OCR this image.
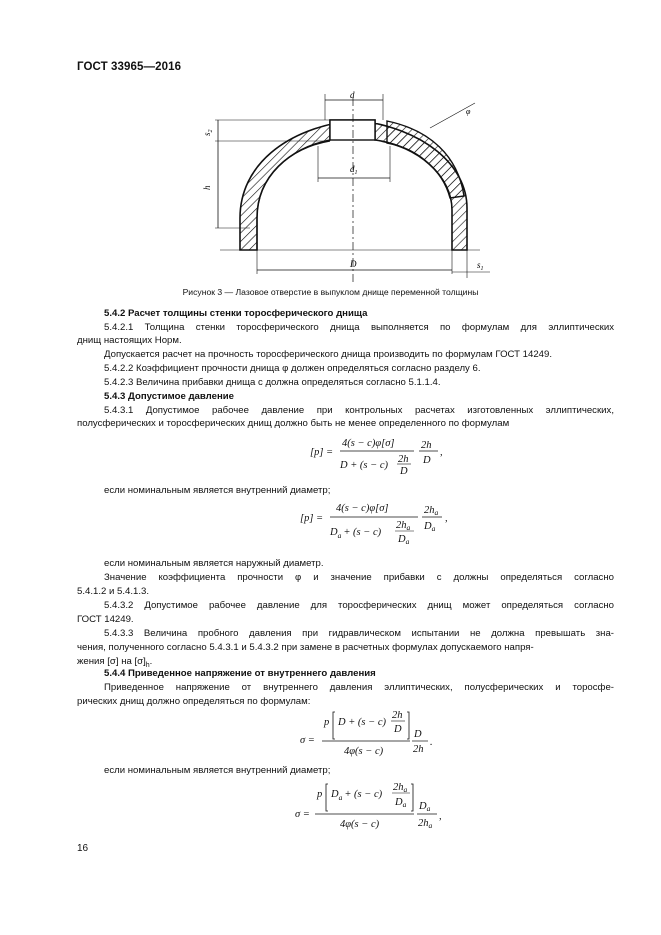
ГОСТ 33965—2016
d
$d_1$
$s_2$
h
φ
D	$s_1$
Рисунок 3 — Лазовое отверстие в выпуклом днище переменной толщины
5.4.2 Расчет толщины стенки торосферического днища
5.4.2.1 Толщина стенки торосферического днища выполняется по формулам для эллиптических
днищ настоящих Норм.
Допускается расчет на прочность торосферического днища производить по формулам ГОСТ 14249.
5.4.2.2 Коэффициент прочности днища φ должен определяться согласно разделу 6.
5.4.2.3 Величина прибавки днища c должна определяться согласно 5.1.1.4.
5.4.3 Допустимое давление
5.4.3.1 Допустимое рабочее давление при контрольных расчетах изготовленных эллиптических,
полусферических и торосферических днищ должно быть не менее определенного по формулам
[p] =
4(s − c)φ[σ]
D + (s − c)
2h
D
2h
D
,
если номинальным является внутренний диаметр;
[p] =
4(s − c)φ[σ]
$D_a + (s - c)$
2ha
Da
2ha
Da
,
если номинальным является наружный диаметр.
Значение коэффициента прочности φ и значение прибавки c должны определяться согласно
5.4.1.2 и 5.4.1.3.
5.4.3.2 Допустимое рабочее давление для торосферических днищ может определяться согласно
ГОСТ 14249.
5.4.3.3 Величина пробного давления при гидравлическом испытании не должна превышать зна-
чения, полученного согласно 5.4.3.1 и 5.4.3.2 при замене в расчетных формулах допускаемого напря-
жения [σ] на $[\sigma]_h$.
5.4.4 Приведенное напряжение от внутреннего давления
Приведенное напряжение от внутреннего давления эллиптических, полусферических и торосфе-
рических днищ должно определяться по формулам:
σ =
p D + (s − c)
2h
D
4φ(s − c)
D
2h
.
если номинальным является внутренний диаметр;
σ =
p $D_a + (s - c)$
2ha
Da
4φ(s − c)
Da
2ha
,
16
